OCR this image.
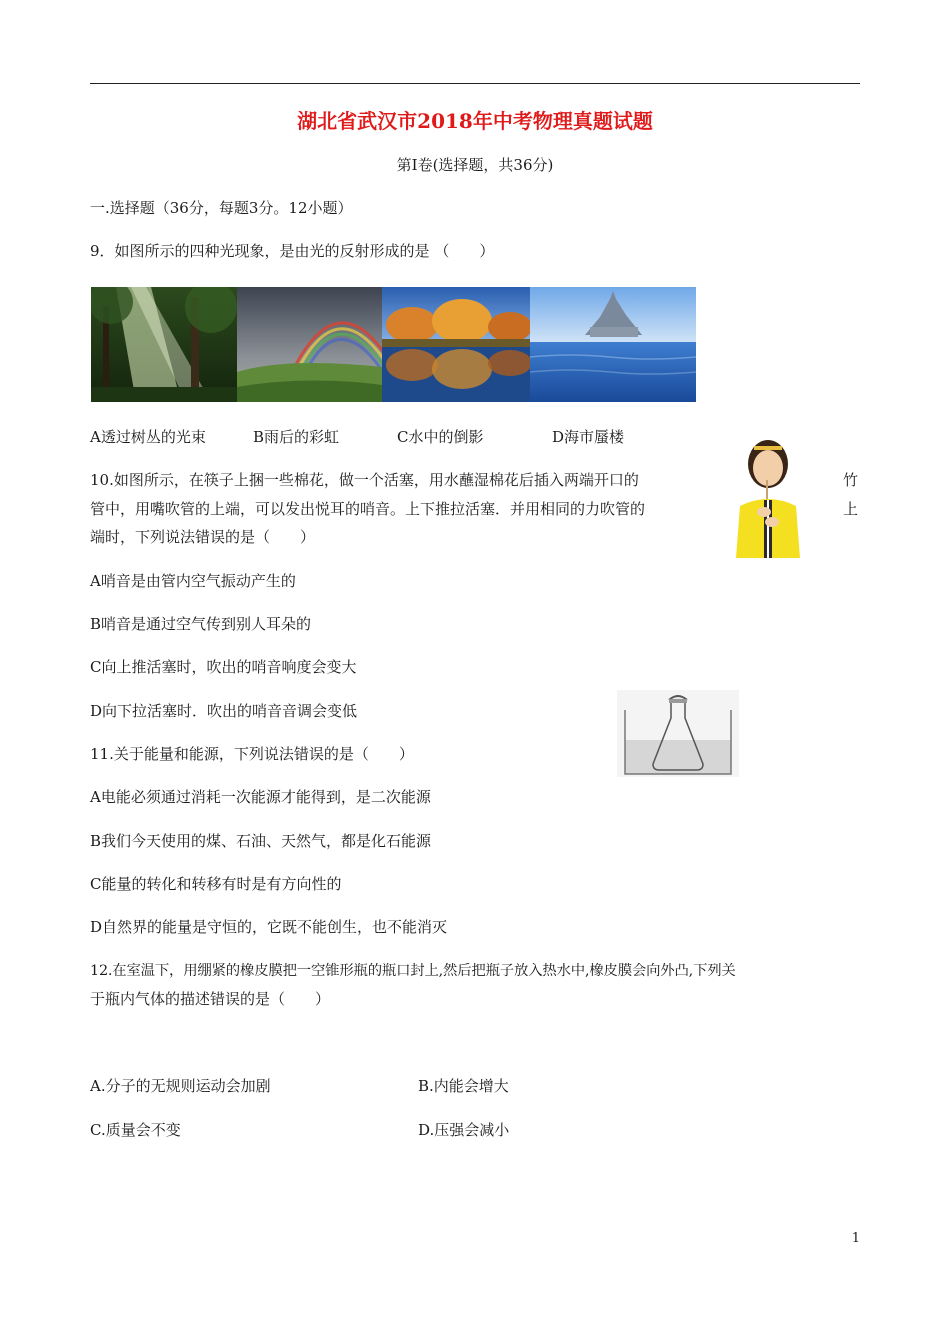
湖北省武汉市2018年中考物理真题试题
第I卷(选择题，共36分)
一.选择题（36分，每题3分。12小题）
9．如图所示的四种光现象，是由光的反射形成的是 （　　）
A透过树丛的光束	B雨后的彩虹	C水中的倒影	D海市蜃楼
10.如图所示，在筷子上捆一些棉花，做一个活塞，用水蘸湿棉花后插入两端开口的	竹
管中，用嘴吹管的上端，可以发出悦耳的哨音。上下推拉活塞．并用相同的力吹管的	上
端时，下列说法错误的是（　　）
A哨音是由管内空气振动产生的
B哨音是通过空气传到别人耳朵的
C向上推活塞时，吹出的哨音响度会变大
D向下拉活塞时．吹出的哨音音调会变低
11.关于能量和能源，下列说法错误的是（　　）
A电能必须通过消耗一次能源才能得到，是二次能源
B我们今天使用的煤、石油、天然气，都是化石能源
C能量的转化和转移有时是有方向性的
D自然界的能量是守恒的，它既不能创生，也不能消灭
12.在室温下，用绷紧的橡皮膜把一空锥形瓶的瓶口封上,然后把瓶子放入热水中,橡皮膜会向外凸,下列关
于瓶内气体的描述错误的是（　　）
A.分子的无规则运动会加剧	B.内能会增大
C.质量会不变	D.压强会减小
1
